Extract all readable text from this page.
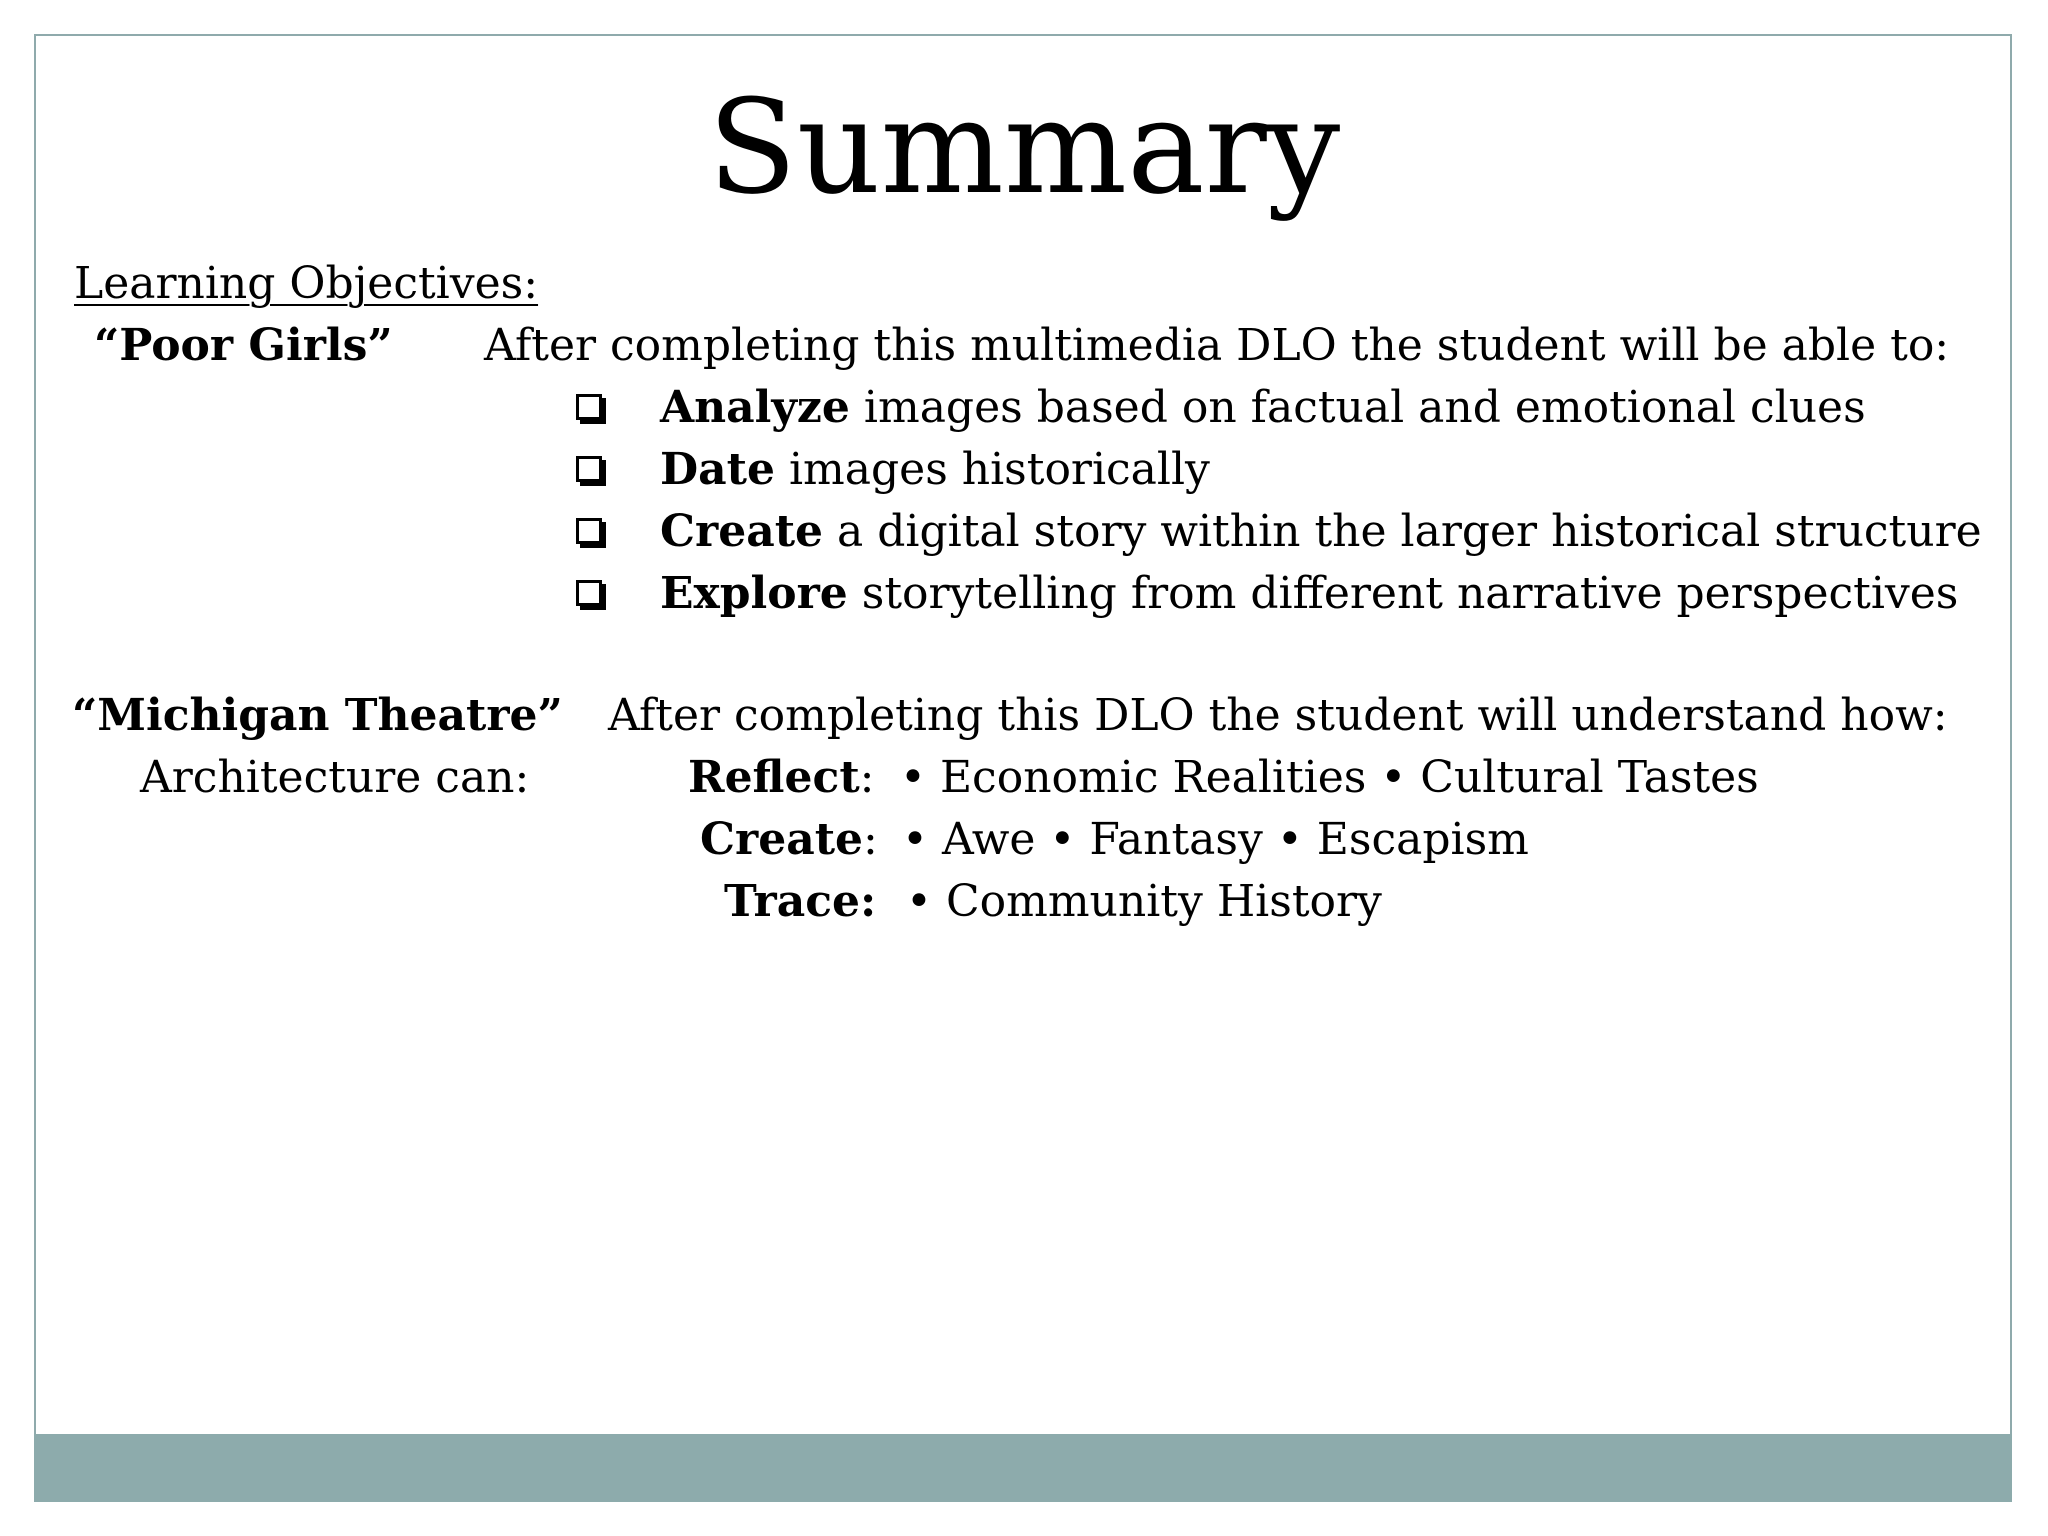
Summary
Learning Objectives:
“Poor Girls” After completing this multimedia DLO the student will be able to:
Analyze images based on factual and emotional clues
Date images historically
Create a digital story within the larger historical structure
Explore storytelling from different narrative perspectives
“Michigan Theatre” After completing this DLO the student will understand how:
Architecture can:	Reflect: • Economic Realities • Cultural Tastes
Create: • Awe • Fantasy • Escapism
Trace: • Community History
